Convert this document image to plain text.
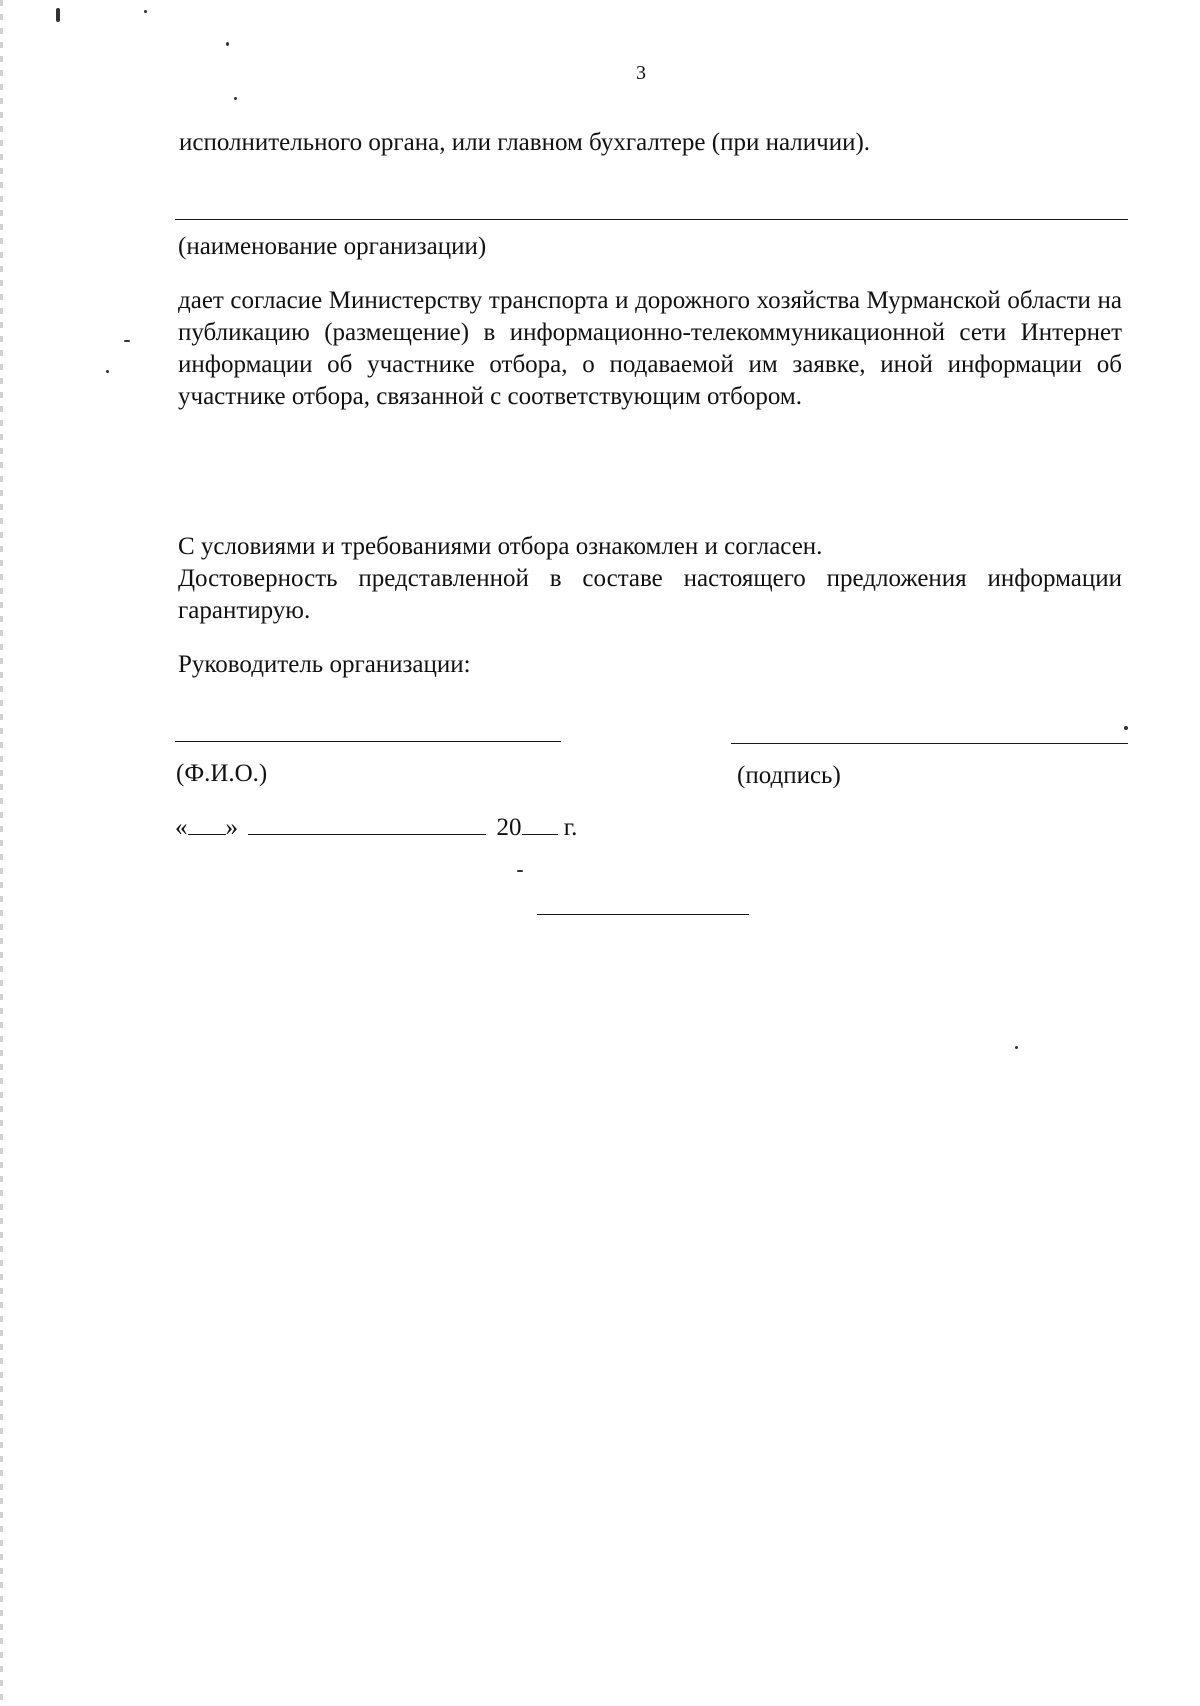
3
исполнительного органа, или главном бухгалтере (при наличии).
(наименование организации)
дает согласие Министерству транспорта и дорожного хозяйства Мурманской области на публикацию (размещение) в информационно-телекоммуникационной сети Интернет информации об участнике отбора, о подаваемой им заявке, иной информации об участнике отбора, связанной с соответствующим отбором.
С условиями и требованиями отбора ознакомлен и согласен.
Достоверность представленной в составе настоящего предложения информации гарантирую.
Руководитель организации:
(Ф.И.О.)	(подпись)
« »	20 г.
